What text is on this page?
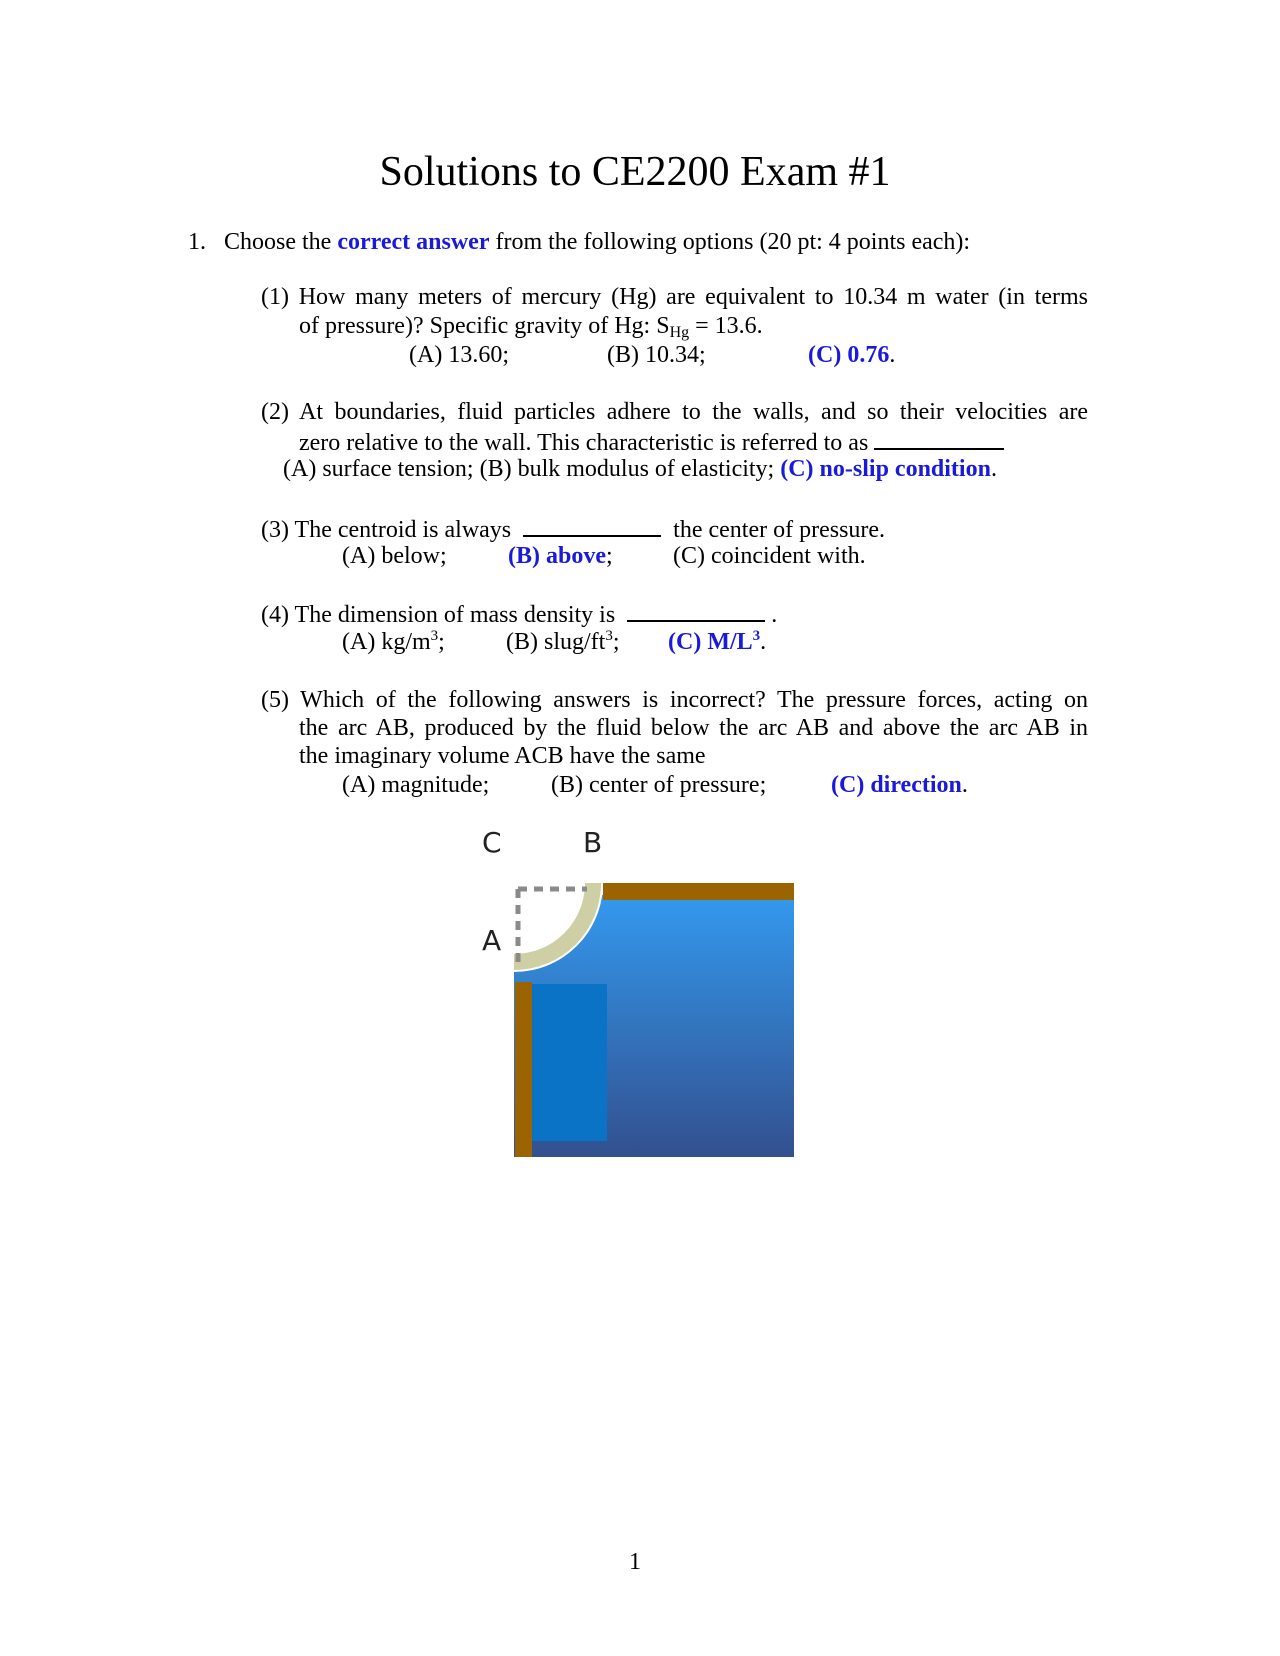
Solutions to CE2200 Exam #1
1. Choose the correct answer from the following options (20 pt: 4 points each):
(1) How many meters of mercury (Hg) are equivalent to 10.34 m water (in terms
of pressure)? Specific gravity of Hg: $S_{Hg} = 13.6$.
(A) 13.60;	(B) 10.34;	(C) 0.76.
(2) At boundaries, fluid particles adhere to the walls, and so their velocities are
zero relative to the wall. This characteristic is referred to as
(A) surface tension; (B) bulk modulus of elasticity; (C) no-slip condition.
(3) The centroid is always	the center of pressure.
(A) below;	(B) above;	(C) coincident with.
(4) The dimension of mass density is	.
(A) $kg/m^3$;	(B) slug/$ft^3$; (C) $M/L^3$.
(5) Which of the following answers is incorrect? The pressure forces, acting on
the arc AB, produced by the fluid below the arc AB and above the arc AB in
the imaginary volume ACB have the same
(A) magnitude;	(B) center of pressure;	(C) direction.
C	B
A
1
